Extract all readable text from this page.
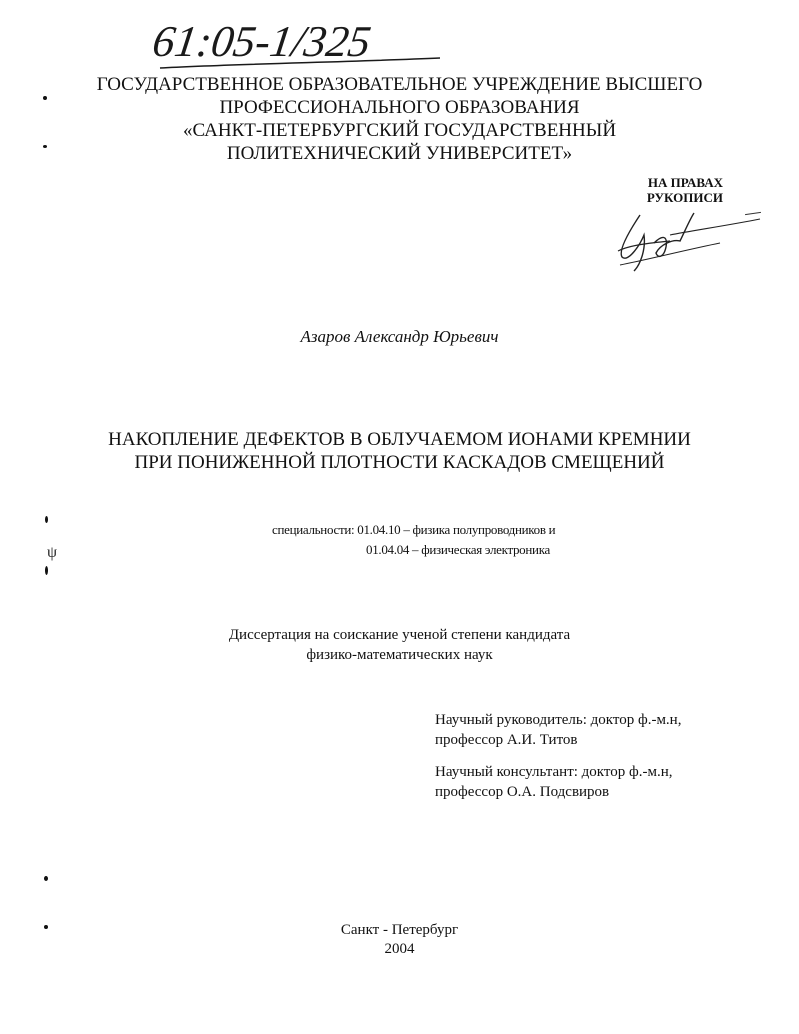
61:05-1/325
ГОСУДАРСТВЕННОЕ ОБРАЗОВАТЕЛЬНОЕ УЧРЕЖДЕНИЕ ВЫСШЕГО
ПРОФЕССИОНАЛЬНОГО ОБРАЗОВАНИЯ
«САНКТ-ПЕТЕРБУРГСКИЙ ГОСУДАРСТВЕННЫЙ
ПОЛИТЕХНИЧЕСКИЙ УНИВЕРСИТЕТ»
НА ПРАВАХ
РУКОПИСИ
Азаров Александр Юрьевич
НАКОПЛЕНИЕ ДЕФЕКТОВ В ОБЛУЧАЕМОМ ИОНАМИ КРЕМНИИ
ПРИ ПОНИЖЕННОЙ ПЛОТНОСТИ КАСКАДОВ СМЕЩЕНИЙ
специальности: 01.04.10 – физика полупроводников и
01.04.04 – физическая электроника
Диссертация на соискание ученой степени кандидата
физико-математических наук
Научный руководитель: доктор ф.-м.н,
профессор А.И. Титов
Научный консультант: доктор ф.-м.н,
профессор О.А. Подсвиров
Санкт - Петербург
2004
ψ
